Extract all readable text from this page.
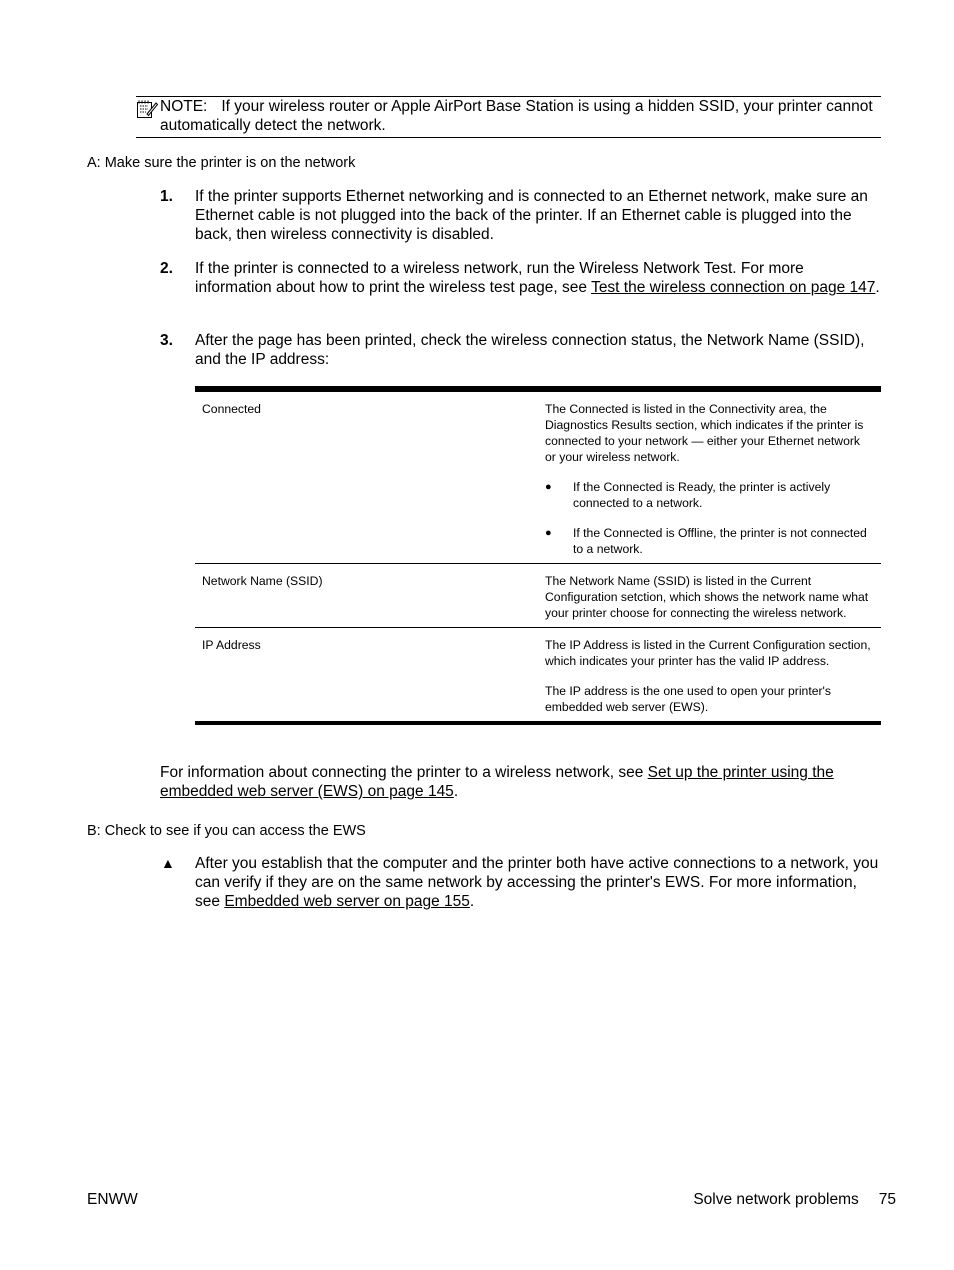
NOTE: If your wireless router or Apple AirPort Base Station is using a hidden SSID, your printer cannot automatically detect the network.
A: Make sure the printer is on the network
1. If the printer supports Ethernet networking and is connected to an Ethernet network, make sure an Ethernet cable is not plugged into the back of the printer. If an Ethernet cable is plugged into the back, then wireless connectivity is disabled.
2. If the printer is connected to a wireless network, run the Wireless Network Test. For more information about how to print the wireless test page, see Test the wireless connection on page 147.
3. After the page has been printed, check the wireless connection status, the Network Name (SSID), and the IP address:
Connected	The Connected is listed in the Connectivity area, the Diagnostics Results section, which indicates if the printer is connected to your network — either your Ethernet network or your wireless network.

●	If the Connected is Ready, the printer is actively connected to a network.
●	If the Connected is Offline, the printer is not connected to a network.
Network Name (SSID)	The Network Name (SSID) is listed in the Current Configuration setction, which shows the network name what your printer choose for connecting the wireless network.

IP Address	The IP Address is listed in the Current Configuration section, which indicates your printer has the valid IP address.

The IP address is the one used to open your printer's embedded web server (EWS).

For information about connecting the printer to a wireless network, see Set up the printer using the embedded web server (EWS) on page 145.
B: Check to see if you can access the EWS
▲ After you establish that the computer and the printer both have active connections to a network, you can verify if they are on the same network by accessing the printer's EWS. For more information, see Embedded web server on page 155.
ENWW	Solve network problems 75
